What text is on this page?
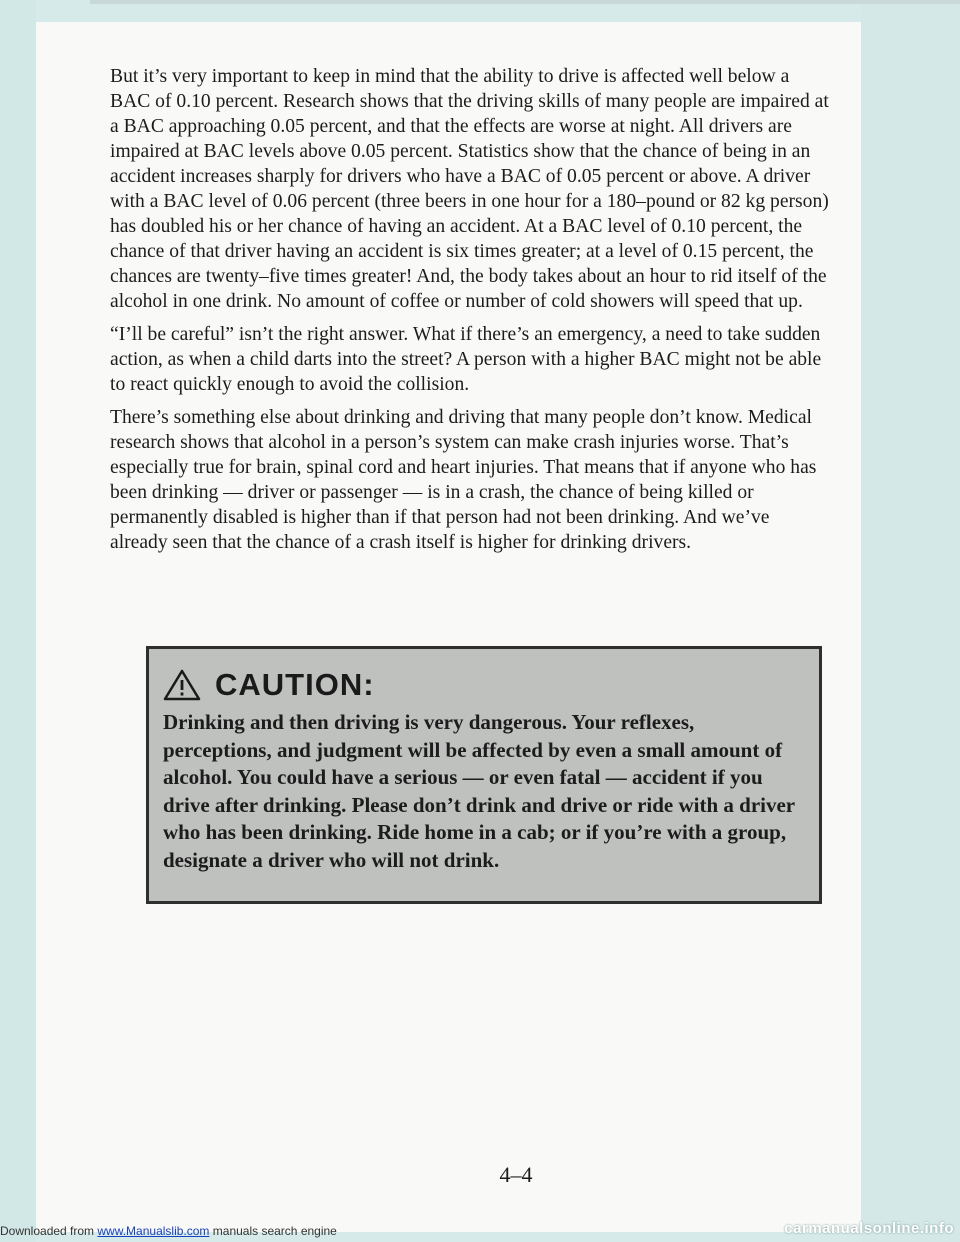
But it’s very important to keep in mind that the ability to drive is affected well below a BAC of 0.10 percent. Research shows that the driving skills of many people are impaired at a BAC approaching 0.05 percent, and that the effects are worse at night. All drivers are impaired at BAC levels above 0.05 percent. Statistics show that the chance of being in an accident increases sharply for drivers who have a BAC of 0.05 percent or above. A driver with a BAC level of 0.06 percent (three beers in one hour for a 180–pound or 82 kg person) has doubled his or her chance of having an accident. At a BAC level of 0.10 percent, the chance of that driver having an accident is six times greater; at a level of 0.15 percent, the chances are twenty–five times greater! And, the body takes about an hour to rid itself of the alcohol in one drink. No amount of coffee or number of cold showers will speed that up.

“I’ll be careful” isn’t the right answer. What if there’s an emergency, a need to take sudden action, as when a child darts into the street? A person with a higher BAC might not be able to react quickly enough to avoid the collision.

There’s something else about drinking and driving that many people don’t know. Medical research shows that alcohol in a person’s system can make crash injuries worse. That’s especially true for brain, spinal cord and heart injuries. That means that if anyone who has been drinking — driver or passenger — is in a crash, the chance of being killed or permanently disabled is higher than if that person had not been drinking. And we’ve already seen that the chance of a crash itself is higher for drinking drivers.

CAUTION:

Drinking and then driving is very dangerous. Your reflexes, perceptions, and judgment will be affected by even a small amount of alcohol. You could have a serious — or even fatal — accident if you drive after drinking. Please don’t drink and drive or ride with a driver who has been drinking. Ride home in a cab; or if you’re with a group, designate a driver who will not drink.

4–4
Downloaded from www.Manualslib.com manuals search engine	carmanualsonline.info
